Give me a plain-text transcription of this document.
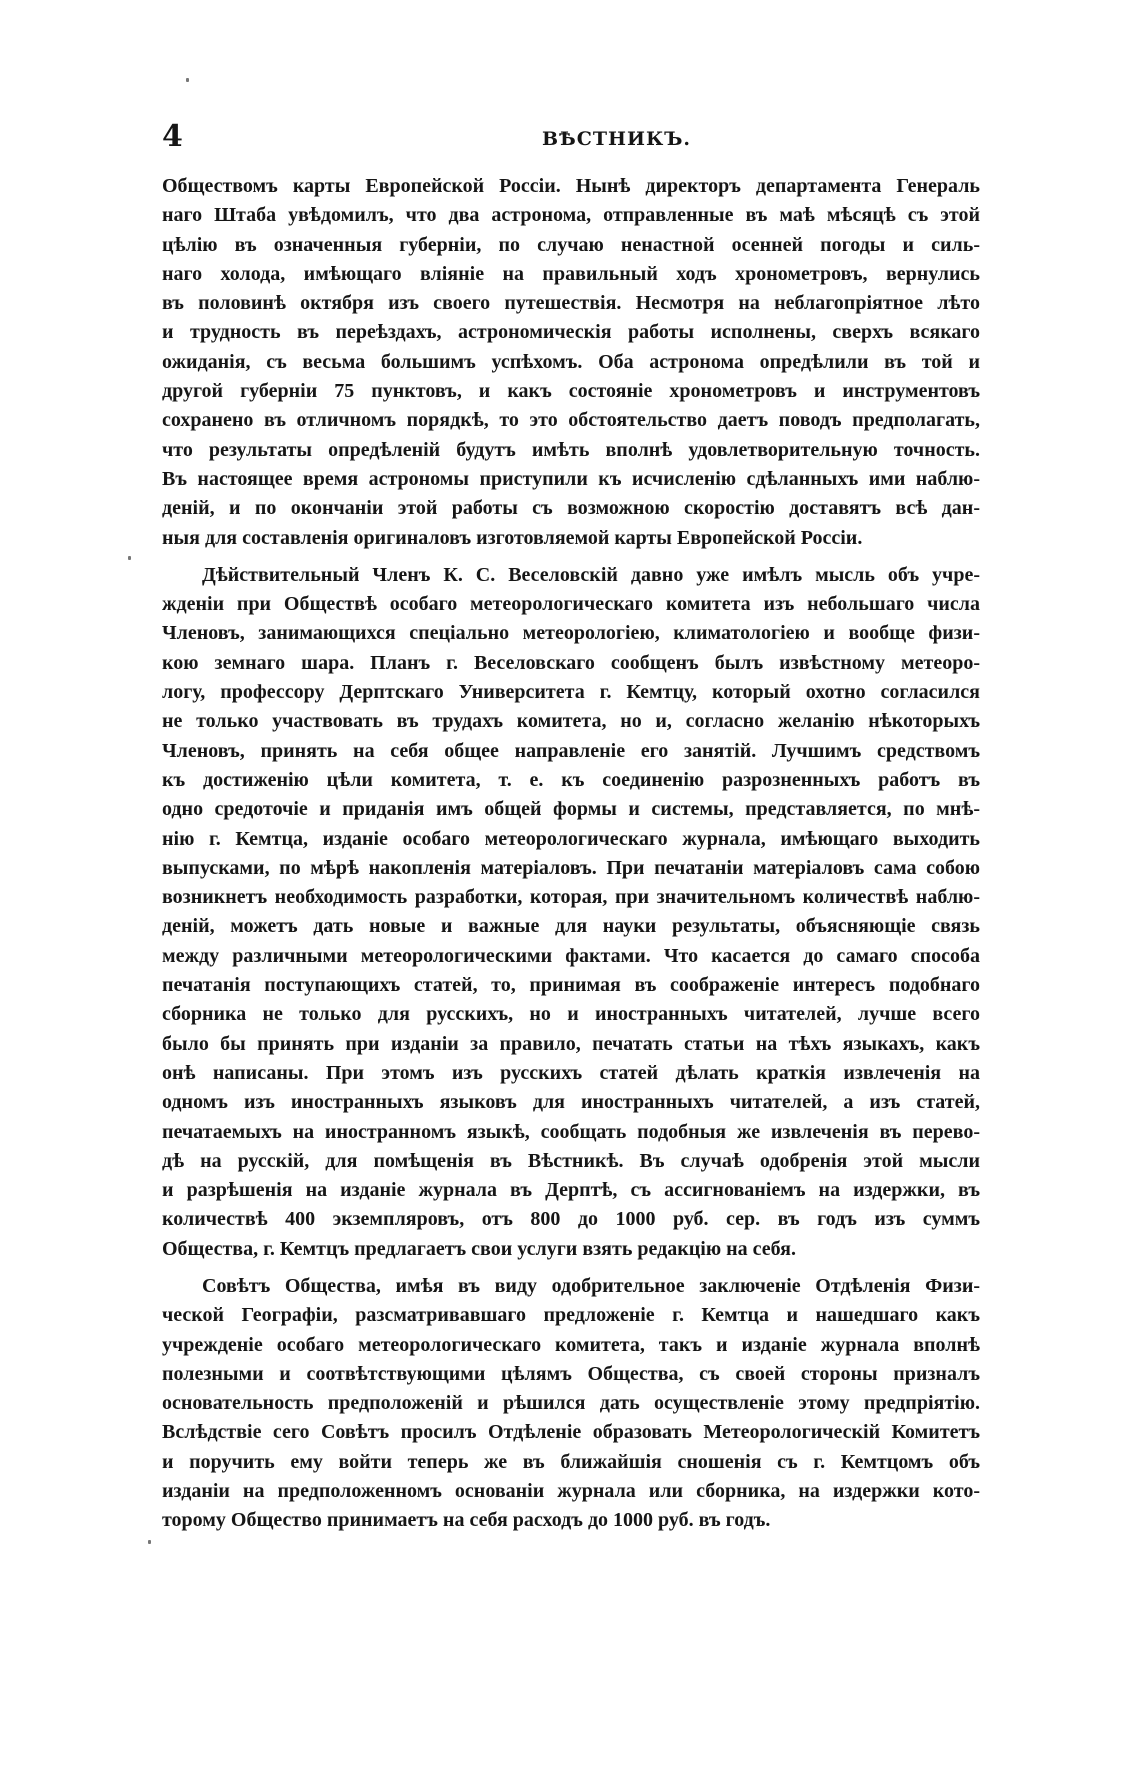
4	ВѢСТНИКЪ.

Обществомъ карты Европейской Россіи. Нынѣ директоръ департамента Генераль
наго Штаба увѣдомилъ, что два астронома, отправленные въ маѣ мѣсяцѣ съ этой
цѣлію въ означенныя губерніи, по случаю ненастной осенней погоды и силь-
наго холода, имѣющаго вліяніе на правильный ходъ хронометровъ, вернулись
въ половинѣ октября изъ своего путешествія. Несмотря на неблагопріятное лѣто
и трудность въ переѣздахъ, астрономическія работы исполнены, сверхъ всякаго
ожиданія, съ весьма большимъ успѣхомъ. Оба астронома опредѣлили въ той и
другой губерніи 75 пунктовъ, и какъ состояніе хронометровъ и инструментовъ
сохранено въ отличномъ порядкѣ, то это обстоятельство даетъ поводъ предполагать,
что результаты опредѣленій будутъ имѣть вполнѣ удовлетворительную точность.
Въ настоящее время астрономы приступили къ исчисленію сдѣланныхъ ими наблю-
деній, и по окончаніи этой работы съ возможною скоростію доставятъ всѣ дан-
ныя для составленія оригиналовъ изготовляемой карты Европейской Россіи.

Дѣйствительный Членъ К. С. Веселовскій давно уже имѣлъ мысль объ учре-
жденіи при Обществѣ особаго метеорологическаго комитета изъ небольшаго числа
Членовъ, занимающихся спеціально метеорологіею, климатологіею и вообще физи-
кою земнаго шара. Планъ г. Веселовскаго сообщенъ былъ извѣстному метеоро-
логу, профессору Дерптскаго Университета г. Кемтцу, который охотно согласился
не только участвовать въ трудахъ комитета, но и, согласно желанію нѣкоторыхъ
Членовъ, принять на себя общее направленіе его занятій. Лучшимъ средствомъ
къ достиженію цѣли комитета, т. е. къ соединенію разрозненныхъ работъ въ
одно средоточіе и приданія имъ общей формы и системы, представляется, по мнѣ-
нію г. Кемтца, изданіе особаго метеорологическаго журнала, имѣющаго выходить
выпусками, по мѣрѣ накопленія матеріаловъ. При печатаніи матеріаловъ сама собою
возникнетъ необходимость разработки, которая, при значительномъ количествѣ наблю-
деній, можетъ дать новые и важные для науки результаты, объясняющіе связь
между различными метеорологическими фактами. Что касается до самаго способа
печатанія поступающихъ статей, то, принимая въ соображеніе интересъ подобнаго
сборника не только для русскихъ, но и иностранныхъ читателей, лучше всего
было бы принять при изданіи за правило, печатать статьи на тѣхъ языкахъ, какъ
онѣ написаны. При этомъ изъ русскихъ статей дѣлать краткія извлеченія на
одномъ изъ иностранныхъ языковъ для иностранныхъ читателей, а изъ статей,
печатаемыхъ на иностранномъ языкѣ, сообщать подобныя же извлеченія въ перево-
дѣ на русскій, для помѣщенія въ Вѣстникѣ. Въ случаѣ одобренія этой мысли
и разрѣшенія на изданіе журнала въ Дерптѣ, съ ассигнованіемъ на издержки, въ
количествѣ 400 экземпляровъ, отъ 800 до 1000 руб. сер. въ годъ изъ суммъ
Общества, г. Кемтцъ предлагаетъ свои услуги взять редакцію на себя.

Совѣтъ Общества, имѣя въ виду одобрительное заключеніе Отдѣленія Физи-
ческой Географіи, разсматривавшаго предложеніе г. Кемтца и нашедшаго какъ
учрежденіе особаго метеорологическаго комитета, такъ и изданіе журнала вполнѣ
полезными и соотвѣтствующими цѣлямъ Общества, съ своей стороны призналъ
основательность предположеній и рѣшился дать осуществленіе этому предпріятію.
Вслѣдствіе сего Совѣтъ просилъ Отдѣленіе образовать Метеорологическій Комитетъ
и поручить ему войти теперь же въ ближайшія сношенія съ г. Кемтцомъ объ
изданіи на предположенномъ основаніи журнала или сборника, на издержки кото-
торому Общество принимаетъ на себя расходъ до 1000 руб. въ годъ.
